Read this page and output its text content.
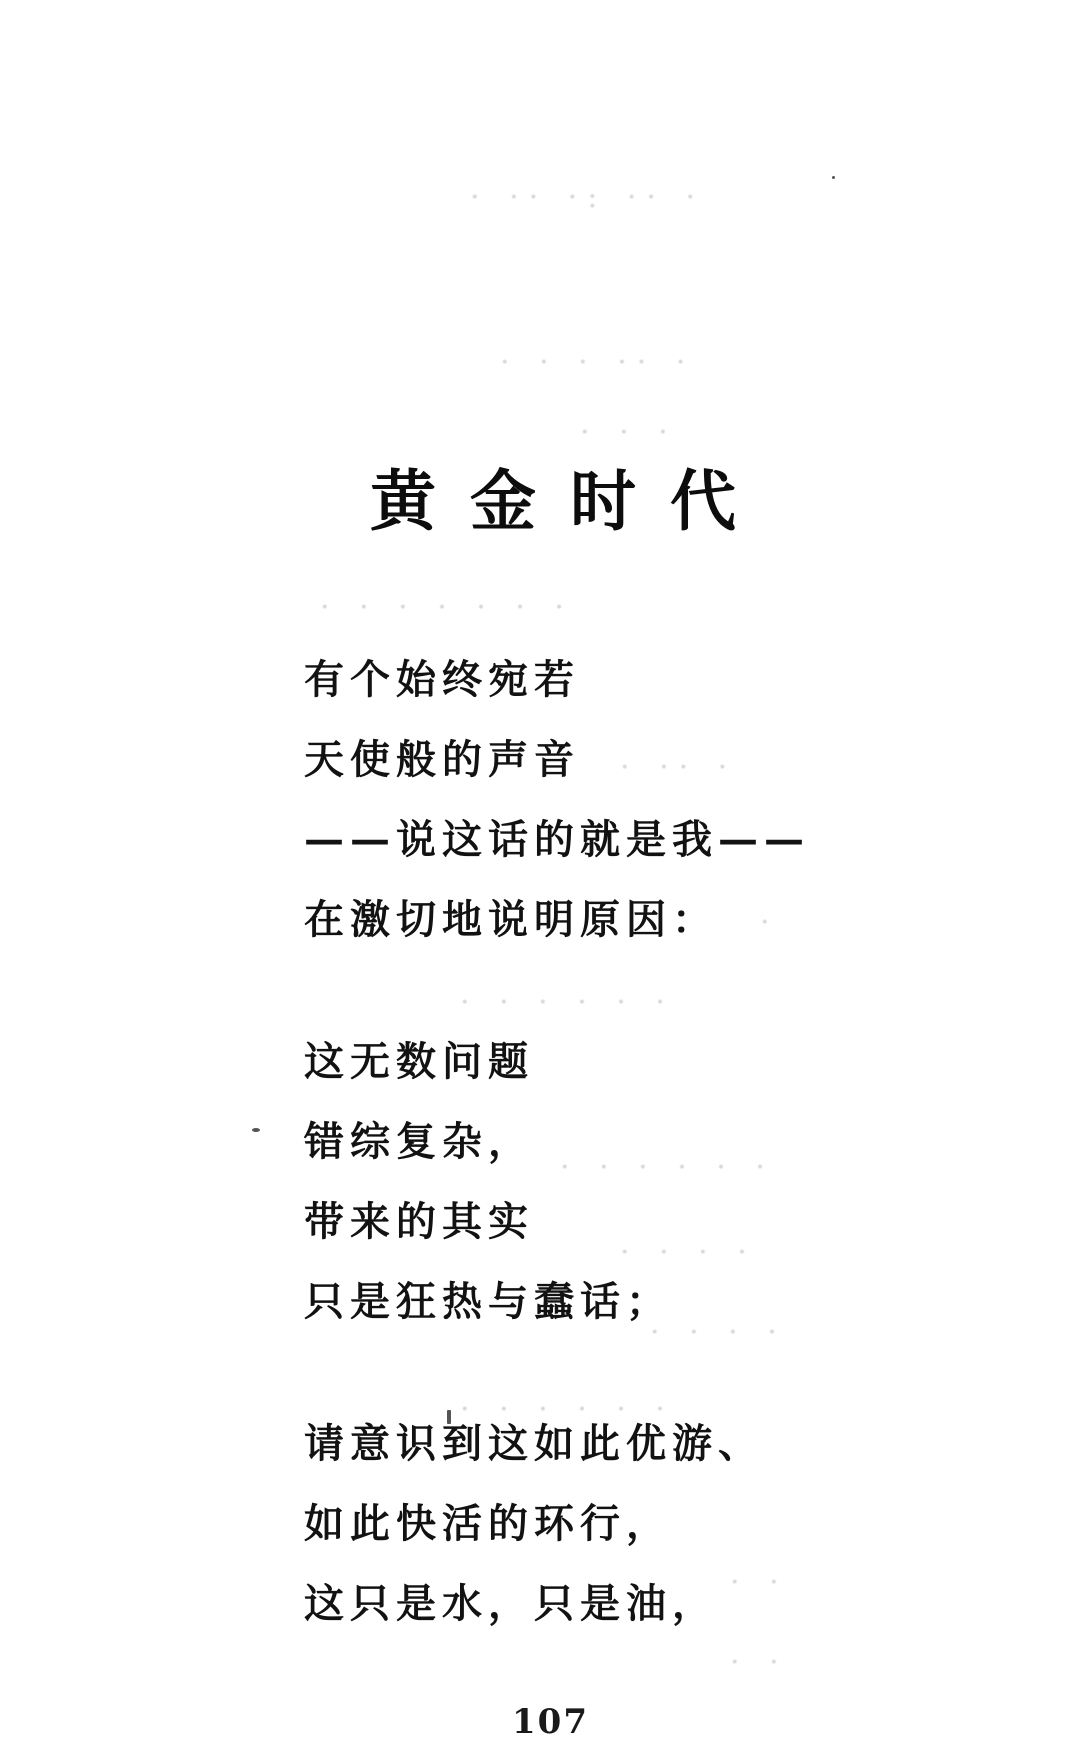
· ·· ·: ·· ·
· · · ·· ·
· · ·
· · · · · · ·
· ·· ·
·
· · · · · ·
· · · · · ·
· · · ·
· · · ·
· · · · · ·
· ·
· ·
黄金时代
有个始终宛若
天使般的声音
——说这话的就是我——
在激切地说明原因：
这无数问题
错综复杂，
带来的其实
只是狂热与蠢话；
请意识到这如此优游、
如此快活的环行，
这只是水，只是油，
107
